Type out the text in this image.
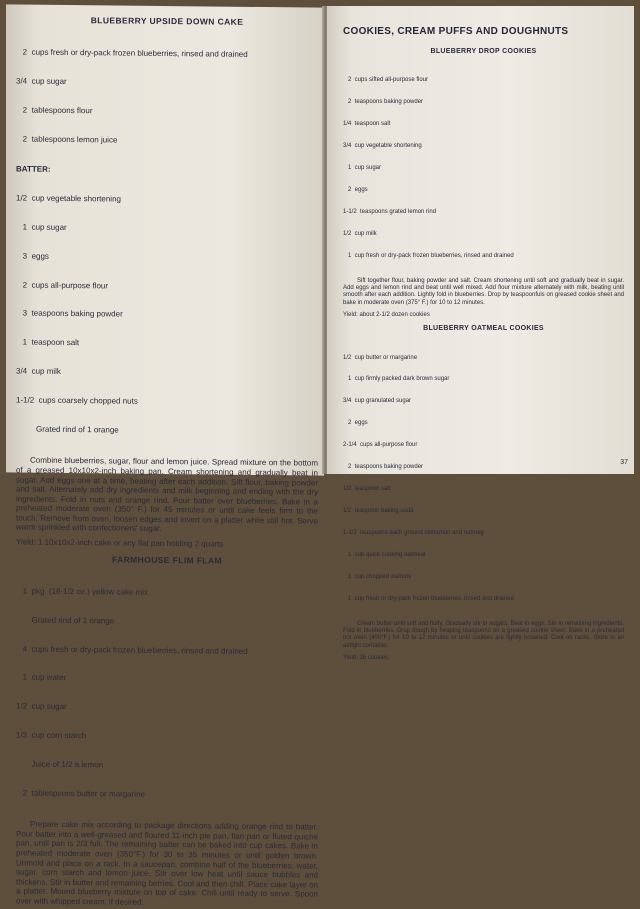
BLUEBERRY UPSIDE DOWN CAKE

2  cups fresh or dry-pack frozen blueberries, rinsed and drained

3/4  cup sugar

2  tablespoons flour

2  tablespoons lemon juice

BATTER:

1/2  cup vegetable shortening

1  cup sugar

3  eggs

2  cups all-purpose flour

3  teaspoons baking powder

1  teaspoon salt

3/4  cup milk

1-1/2  cups coarsely chopped nuts

Grated rind of 1 orange

Combine blueberries, sugar, flour and lemon juice. Spread mixture on the bottom of a greased 10x10x2-inch baking pan. Cream shortening and gradually beat in sugar. Add eggs one at a time, beating after each addition. Sift flour, baking powder and salt. Alternately add dry ingredients and milk beginning and ending with the dry ingredients. Fold in nuts and orange rind. Pour batter over blueberries. Bake in a preheated moderate oven (350° F.) for 45 minutes or until cake feels firm to the touch. Remove from oven, loosen edges and invert on a platter while still hot. Serve warm sprinkled with confectioners' sugar.

Yield: 1 10x10x2-inch cake or any flat pan holding 2 quarts
FARMHOUSE FLIM FLAM

1  pkg. (18-1/2 oz.) yellow cake mix

Grated rind of 1 orange

4  cups fresh or dry-pack frozen blueberries, rinsed and drained

1  cup water

1/2  cup sugar

1/3  cup corn starch

Juice of 1/2 a lemon

2  tablespoons butter or margarine

Prepare cake mix according to package directions adding orange rind to batter. Pour batter into a well-greased and floured 11-inch pie pan, flan pan or fluted quiche pan, until pan is 2/3 full. The remaining batter can be baked into cup cakes. Bake in preheated moderate oven (350°F.) for 30 to 35 minutes or until golden brown. Unmold and place on a rack. In a saucepan, combine half of the blueberries, water, sugar, corn starch and lemon juice. Stir over low heat until sauce bubbles and thickens. Stir in butter and remaining berries. Cool and then chill. Place cake layer on a platter. Mound blueberry mixture on top of cake. Chill until ready to serve. Spoon over with whipped cream, if desired.

COOKIES, CREAM PUFFS AND DOUGHNUTS
BLUEBERRY DROP COOKIES

2  cups sifted all-purpose flour

2  teaspoons baking powder

1/4  teaspoon salt

3/4  cup vegetable shortening

1  cup sugar

2  eggs

1-1/2  teaspoons grated lemon rind

1/2  cup milk

1  cup fresh or dry-pack frozen blueberries, rinsed and drained

Sift together flour, baking powder and salt. Cream shortening until soft and gradually beat in sugar. Add eggs and lemon rind and beat until well mixed. Add flour mixture alternately with milk, beating until smooth after each addition. Lightly fold in blueberries. Drop by teaspoonfuls on greased cookie sheet and bake in moderate oven (375° F.) for 10 to 12 minutes.

Yield: about 2-1/2 dozen cookies
BLUEBERRY OATMEAL COOKIES

1/2  cup butter or margarine

1  cup firmly packed dark brown sugar

3/4  cup granulated sugar

2  eggs

2-1/4  cups all-purpose flour

2  teaspoons baking powder

1/2  teaspoon salt

1/2  teaspoon baking soda

1-1/2  teaspoons each ground cinnamon and nutmeg

1  cup quick cooking oatmeal

1  cup chopped walnuts

1  cup fresh or dry-pack frozen blueberries, rinsed and drained

Cream butter until soft and fluffy. Gradually stir in sugars. Beat in eggs. Stir in remaining ingredients. Fold in blueberries. Drop dough by heaping teaspoons on a greased cookie sheet. Bake in a preheated hot oven (400°F.) for 10 to 12 minutes or until cookies are lightly browned. Cool on racks. Store in an airtight container.

Yield: 36 cookies
37
